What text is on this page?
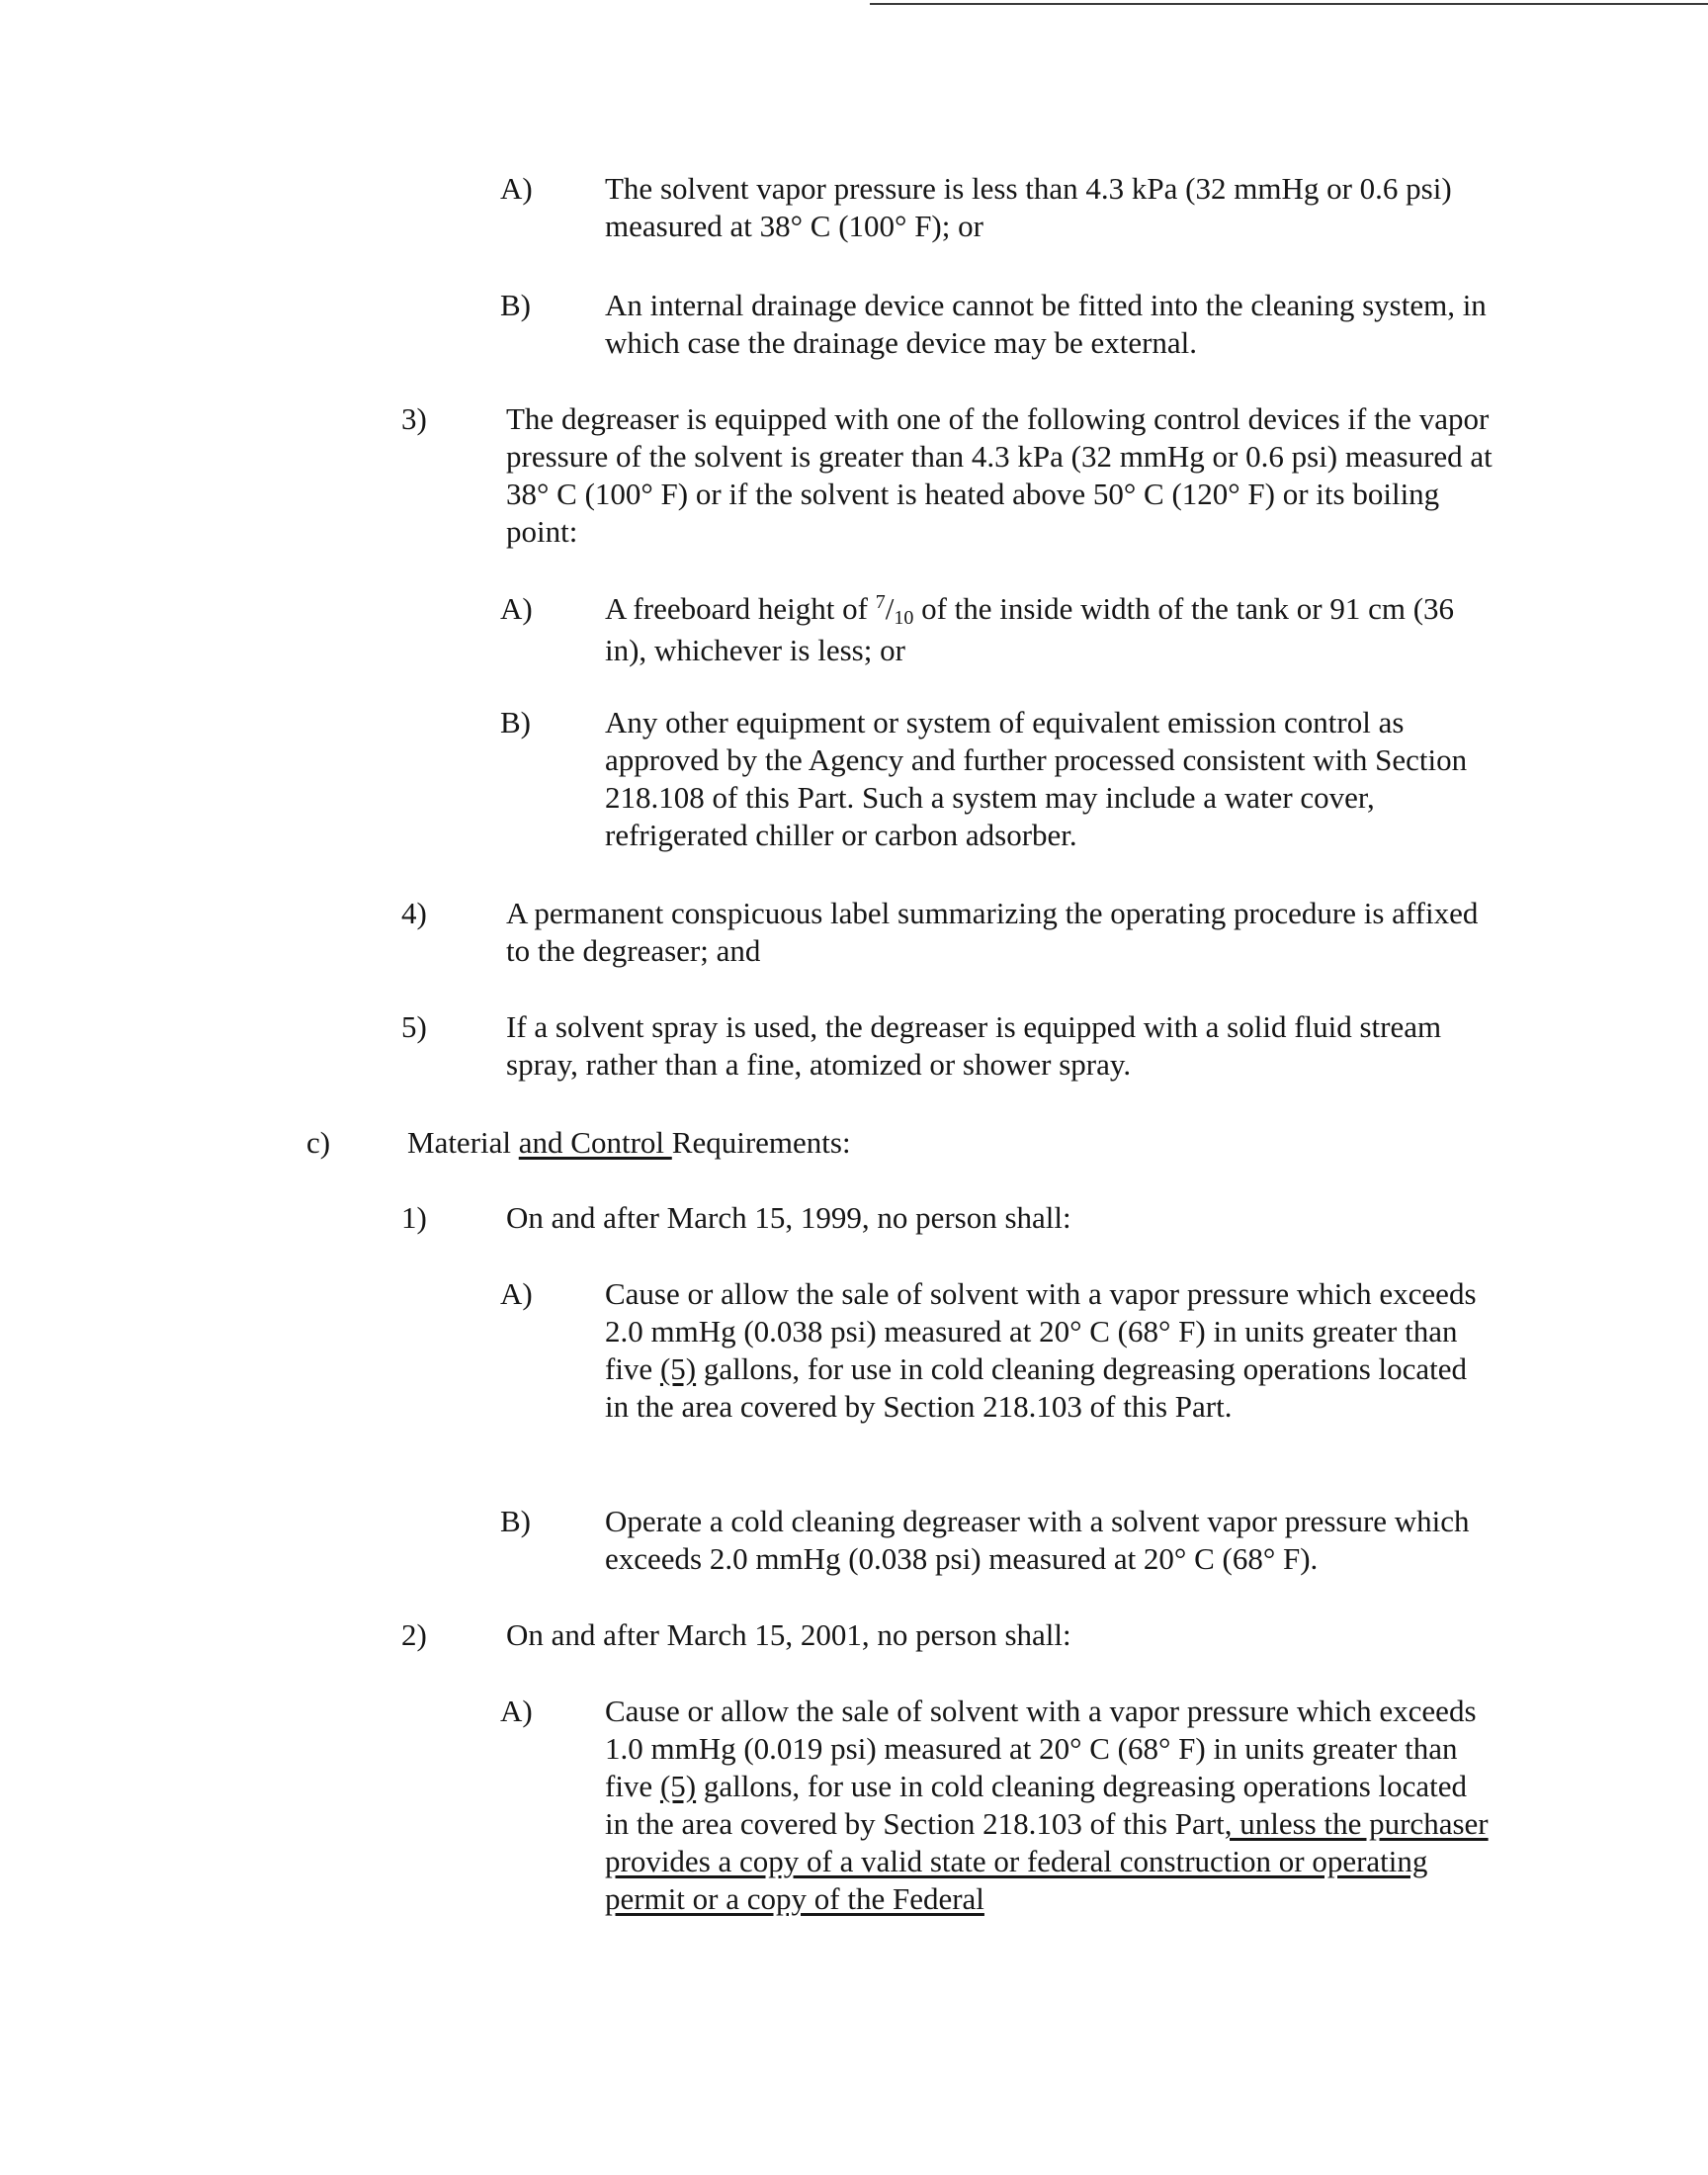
A) The solvent vapor pressure is less than 4.3 kPa (32 mmHg or 0.6 psi) measured at 38° C (100° F); or

B) An internal drainage device cannot be fitted into the cleaning system, in which case the drainage device may be external.

3)	The degreaser is equipped with one of the following control devices if the vapor pressure of the solvent is greater than 4.3 kPa (32 mmHg or 0.6 psi) measured at 38° C (100° F) or if the solvent is heated above 50° C (120° F) or its boiling point:

A) A freeboard height of $^7$/10 of the inside width of the tank or 91 cm (36 in), whichever is less; or

B) Any other equipment or system of equivalent emission control as approved by the Agency and further processed consistent with Section 218.108 of this Part. Such a system may include a water cover, refrigerated chiller or carbon adsorber.

4)	A permanent conspicuous label summarizing the operating procedure is affixed to the degreaser; and

5)	If a solvent spray is used, the degreaser is equipped with a solid fluid stream spray, rather than a fine, atomized or shower spray.

c)	Material and Control Requirements:

1)	On and after March 15, 1999, no person shall:

A) Cause or allow the sale of solvent with a vapor pressure which exceeds 2.0 mmHg (0.038 psi) measured at 20° C (68° F) in units greater than five (5) gallons, for use in cold cleaning degreasing operations located in the area covered by Section 218.103 of this Part.

B) Operate a cold cleaning degreaser with a solvent vapor pressure which exceeds 2.0 mmHg (0.038 psi) measured at 20° C (68° F).

2)	On and after March 15, 2001, no person shall:

A) Cause or allow the sale of solvent with a vapor pressure which exceeds 1.0 mmHg (0.019 psi) measured at 20° C (68° F) in units greater than five (5) gallons, for use in cold cleaning degreasing operations located in the area covered by Section 218.103 of this Part, unless the purchaser provides a copy of a valid state or federal construction or operating permit or a copy of the Federal
